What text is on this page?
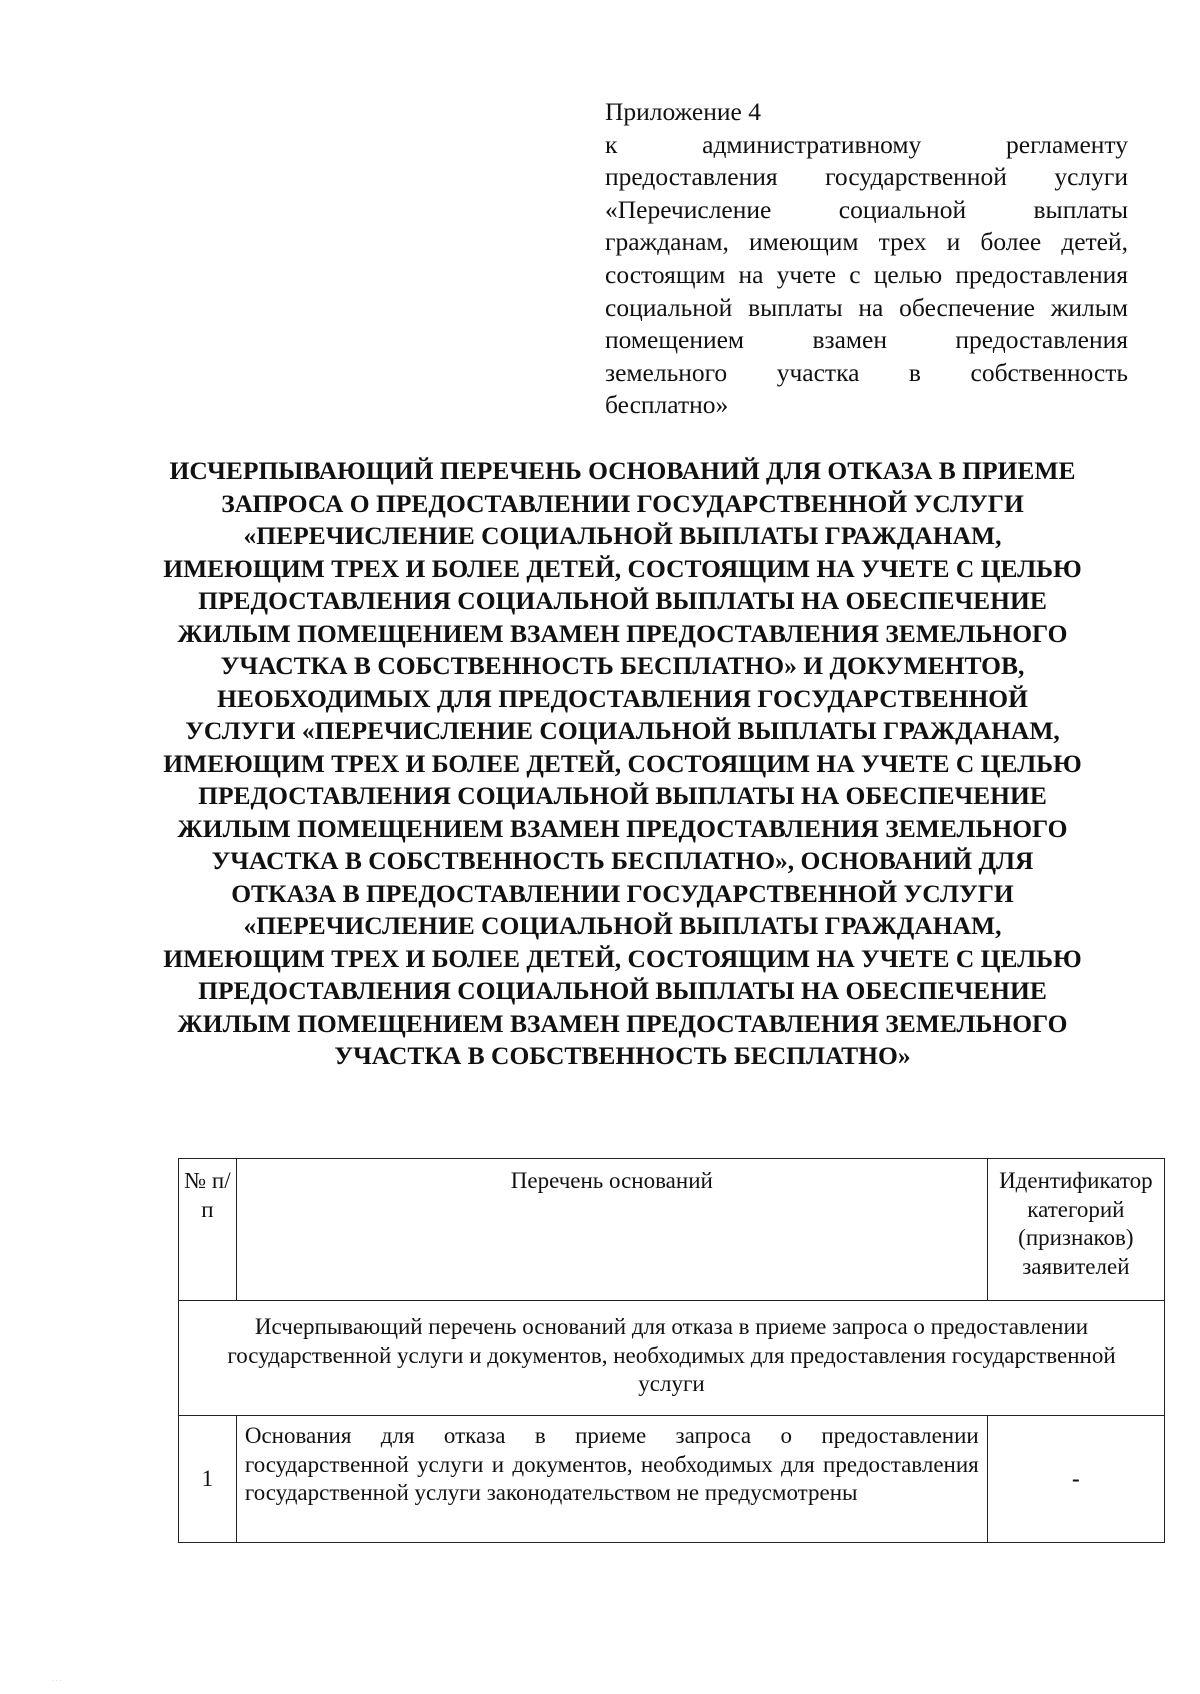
Приложение 4
к административному регламенту предоставления государственной услуги «Перечисление социальной выплаты гражданам, имеющим трех и более детей, состоящим на учете с целью предоставления социальной выплаты на обеспечение жилым помещением взамен предоставления земельного участка в собственность бесплатно»
ИСЧЕРПЫВАЮЩИЙ ПЕРЕЧЕНЬ ОСНОВАНИЙ ДЛЯ ОТКАЗА В ПРИЕМЕ ЗАПРОСА О ПРЕДОСТАВЛЕНИИ ГОСУДАРСТВЕННОЙ УСЛУГИ «ПЕРЕЧИСЛЕНИЕ СОЦИАЛЬНОЙ ВЫПЛАТЫ ГРАЖДАНАМ, ИМЕЮЩИМ ТРЕХ И БОЛЕЕ ДЕТЕЙ, СОСТОЯЩИМ НА УЧЕТЕ С ЦЕЛЬЮ ПРЕДОСТАВЛЕНИЯ СОЦИАЛЬНОЙ ВЫПЛАТЫ НА ОБЕСПЕЧЕНИЕ ЖИЛЫМ ПОМЕЩЕНИЕМ ВЗАМЕН ПРЕДОСТАВЛЕНИЯ ЗЕМЕЛЬНОГО УЧАСТКА В СОБСТВЕННОСТЬ БЕСПЛАТНО» И ДОКУМЕНТОВ, НЕОБХОДИМЫХ ДЛЯ ПРЕДОСТАВЛЕНИЯ ГОСУДАРСТВЕННОЙ УСЛУГИ «ПЕРЕЧИСЛЕНИЕ СОЦИАЛЬНОЙ ВЫПЛАТЫ ГРАЖДАНАМ, ИМЕЮЩИМ ТРЕХ И БОЛЕЕ ДЕТЕЙ, СОСТОЯЩИМ НА УЧЕТЕ С ЦЕЛЬЮ ПРЕДОСТАВЛЕНИЯ СОЦИАЛЬНОЙ ВЫПЛАТЫ НА ОБЕСПЕЧЕНИЕ ЖИЛЫМ ПОМЕЩЕНИЕМ ВЗАМЕН ПРЕДОСТАВЛЕНИЯ ЗЕМЕЛЬНОГО УЧАСТКА В СОБСТВЕННОСТЬ БЕСПЛАТНО», ОСНОВАНИЙ ДЛЯ ОТКАЗА В ПРЕДОСТАВЛЕНИИ ГОСУДАРСТВЕННОЙ УСЛУГИ «ПЕРЕЧИСЛЕНИЕ СОЦИАЛЬНОЙ ВЫПЛАТЫ ГРАЖДАНАМ, ИМЕЮЩИМ ТРЕХ И БОЛЕЕ ДЕТЕЙ, СОСТОЯЩИМ НА УЧЕТЕ С ЦЕЛЬЮ ПРЕДОСТАВЛЕНИЯ СОЦИАЛЬНОЙ ВЫПЛАТЫ НА ОБЕСПЕЧЕНИЕ ЖИЛЫМ ПОМЕЩЕНИЕМ ВЗАМЕН ПРЕДОСТАВЛЕНИЯ ЗЕМЕЛЬНОГО УЧАСТКА В СОБСТВЕННОСТЬ БЕСПЛАТНО»
№ п/п	Перечень оснований	Идентификатор категорий (признаков) заявителей
Исчерпывающий перечень оснований для отказа в приеме запроса о предоставлении государственной услуги и документов, необходимых для предоставления государственной услуги		
1	Основания для отказа в приеме запроса о предоставлении государственной услуги и документов, необходимых для предоставления государственной услуги законодательством не предусмотрены	-
. . .
